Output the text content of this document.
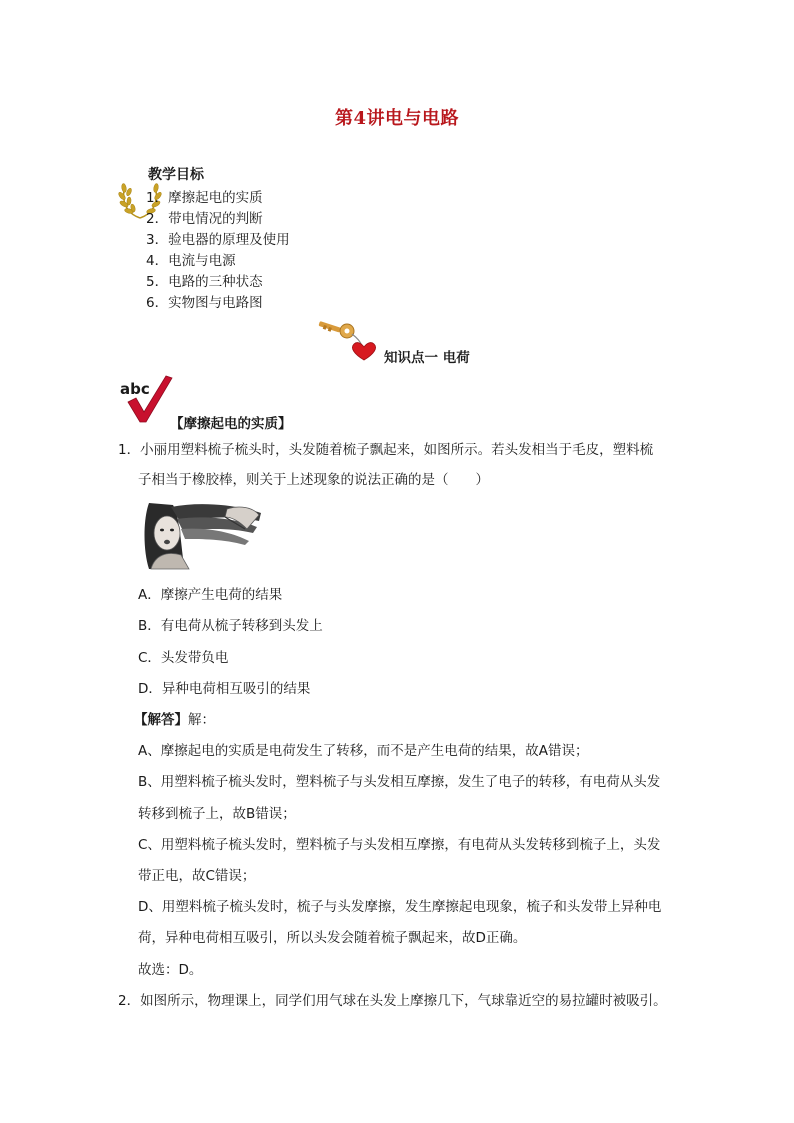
第4讲电与电路
教学目标
1．摩擦起电的实质
2．带电情况的判断
3．验电器的原理及使用
4．电流与电源
5．电路的三种状态
6．实物图与电路图
知识点一 电荷
abc
【摩擦起电的实质】
1．小丽用塑料梳子梳头时，头发随着梳子飘起来，如图所示。若头发相当于毛皮，塑料梳
子相当于橡胶棒，则关于上述现象的说法正确的是（　　）
A．摩擦产生电荷的结果
B．有电荷从梳子转移到头发上
C．头发带负电
D．异种电荷相互吸引的结果
【解答】解：
A、摩擦起电的实质是电荷发生了转移，而不是产生电荷的结果，故A错误；
B、用塑料梳子梳头发时，塑料梳子与头发相互摩擦，发生了电子的转移，有电荷从头发
转移到梳子上，故B错误；
C、用塑料梳子梳头发时，塑料梳子与头发相互摩擦，有电荷从头发转移到梳子上，头发
带正电，故C错误；
D、用塑料梳子梳头发时，梳子与头发摩擦，发生摩擦起电现象，梳子和头发带上异种电
荷，异种电荷相互吸引，所以头发会随着梳子飘起来，故D正确。
故选：D。
2．如图所示，物理课上，同学们用气球在头发上摩擦几下，气球靠近空的易拉罐时被吸引。
